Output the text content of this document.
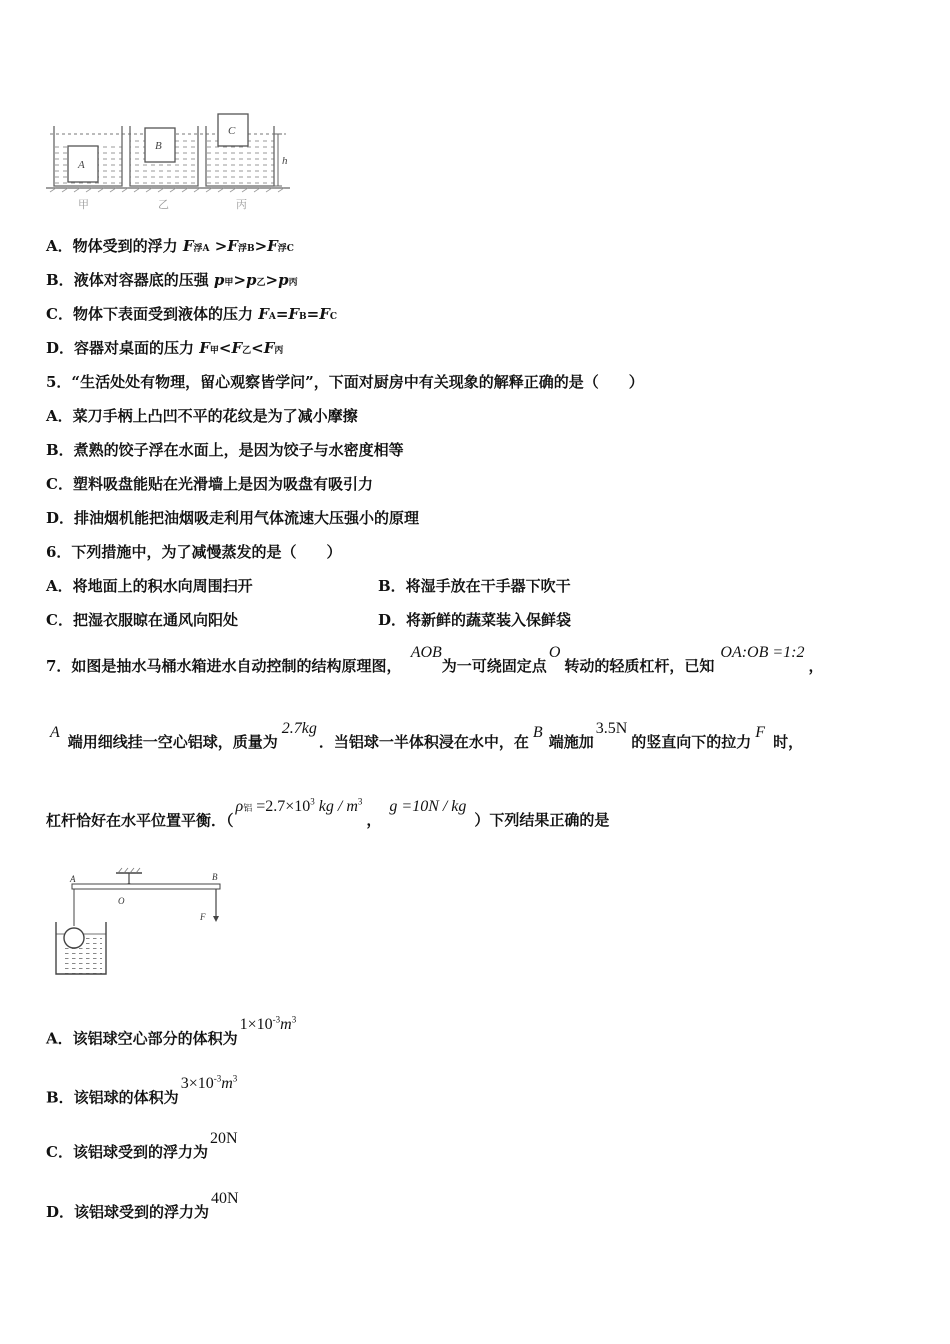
A
B
C
h
甲	乙	丙
A．物体受到的浮力 F浮A >F浮B>F浮C
B．液体对容器底的压强 p甲>p乙>p丙
C．物体下表面受到液体的压力 FA=FB=FC
D．容器对桌面的压力 F甲<F乙<F丙
5．“生活处处有物理，留心观察皆学问”，下面对厨房中有关现象的解释正确的是（　　）
A．菜刀手柄上凸凹不平的花纹是为了减小摩擦
B．煮熟的饺子浮在水面上，是因为饺子与水密度相等
C．塑料吸盘能贴在光滑墙上是因为吸盘有吸引力
D．排油烟机能把油烟吸走利用气体流速大压强小的原理
6．下列措施中，为了减慢蒸发的是（　　）
A．将地面上的积水向周围扫开	B．将湿手放在干手器下吹干
C．把湿衣服晾在通风向阳处	D．将新鲜的蔬菜装入保鲜袋
7．如图是抽水马桶水箱进水自动控制的结构原理图， AOB为一可绕固定点O转动的轻质杠杆，已知OA:OB =1:2，
A端用细线挂一空心铝球，质量为2.7kg．当铝球一半体积浸在水中，在B端施加3.5N的竖直向下的拉力F时，
杠杆恰好在水平位置平衡．（ρ铝 $=2.7\times 10^3$ kg / $m^3$，g =10N / kg）下列结果正确的是
A
O
B
F
A．该铝球空心部分的体积为$1\times 10^{-3}m^3$
B．该铝球的体积为$3\times 10^{-3}m^3$
C．该铝球受到的浮力为20N
D．该铝球受到的浮力为40N
